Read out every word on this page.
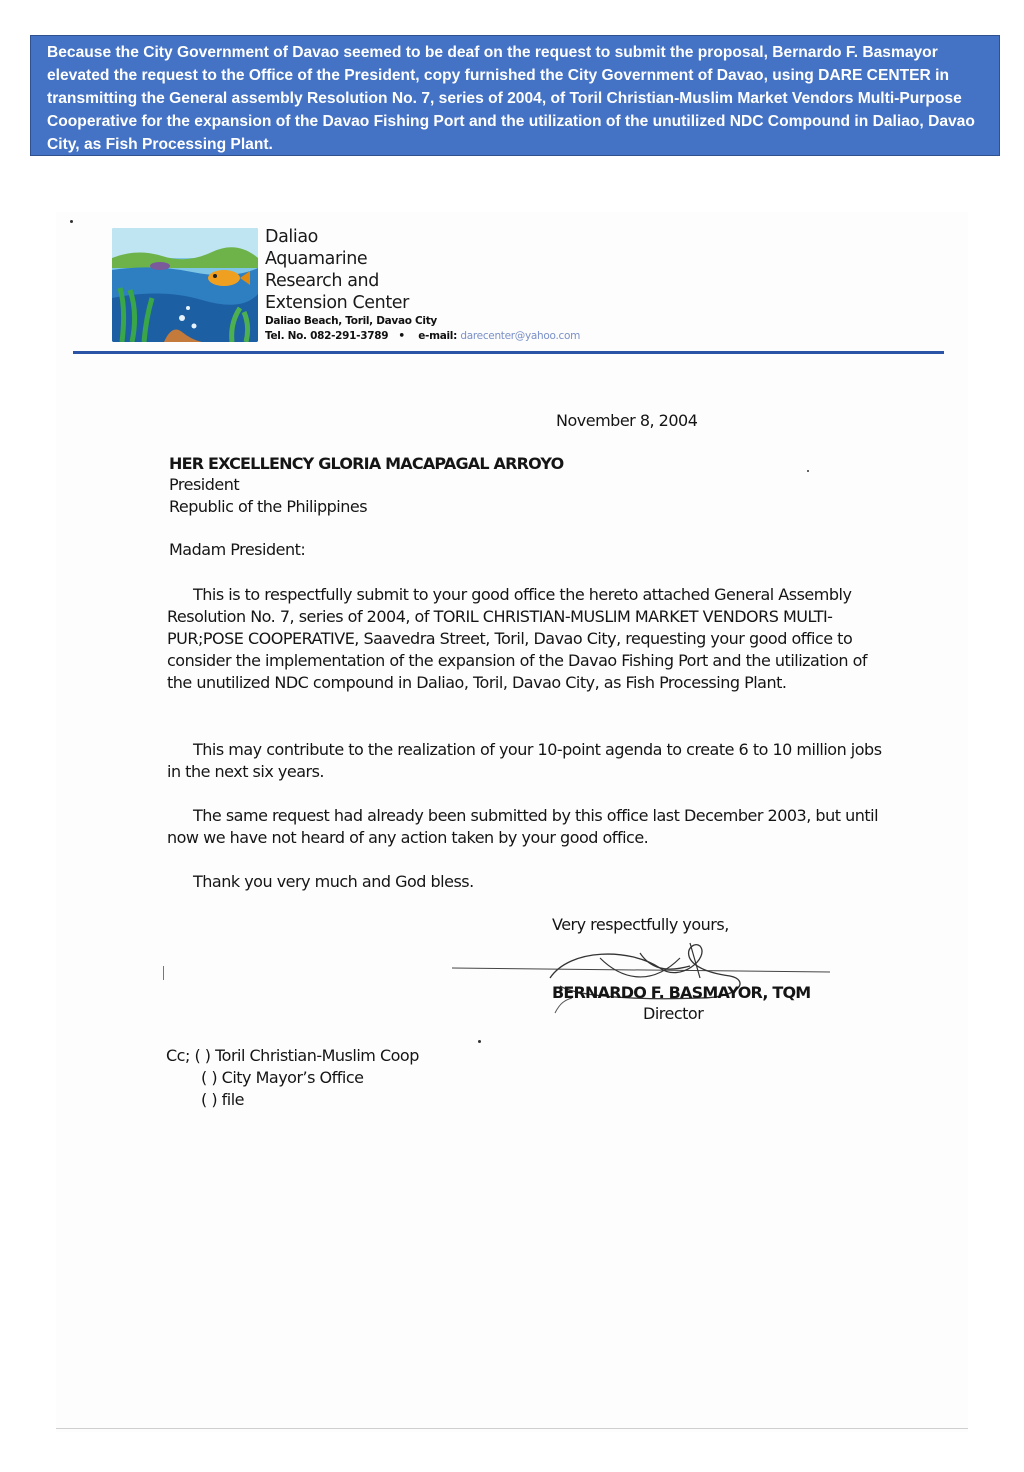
Because the City Government of Davao seemed to be deaf on the request to submit the proposal, Bernardo F. Basmayor elevated the request to the Office of the President, copy furnished the City Government of Davao, using DARE CENTER in transmitting the General assembly Resolution No. 7, series of 2004, of Toril Christian-Muslim Market Vendors Multi-Purpose Cooperative for the expansion of the Davao Fishing Port and the utilization of the unutilized NDC Compound in Daliao, Davao City, as Fish Processing Plant.
Daliao
Aquamarine
Research and
Extension Center
Daliao Beach, Toril, Davao City
Tel. No. 082-291-3789 • e-mail: darecenter@yahoo.com
November 8, 2004
HER EXCELLENCY GLORIA MACAPAGAL ARROYO
President
Republic of the Philippines
Madam President:
This is to respectfully submit to your good office the hereto attached General Assembly Resolution No. 7, series of 2004, of TORIL CHRISTIAN-MUSLIM MARKET VENDORS MULTI-PUR;POSE COOPERATIVE, Saavedra Street, Toril, Davao City, requesting your good office to consider the implementation of the expansion of the Davao Fishing Port and the utilization of the unutilized NDC compound in Daliao, Toril, Davao City, as Fish Processing Plant.
This may contribute to the realization of your 10-point agenda to create 6 to 10 million jobs in the next six years.
The same request had already been submitted by this office last December 2003, but until now we have not heard of any action taken by your good office.
Thank you very much and God bless.
Very respectfully yours,
BERNARDO F. BASMAYOR, TQM
Director
Cc; ( ) Toril Christian-Muslim Coop
( ) City Mayor’s Office
( ) file
